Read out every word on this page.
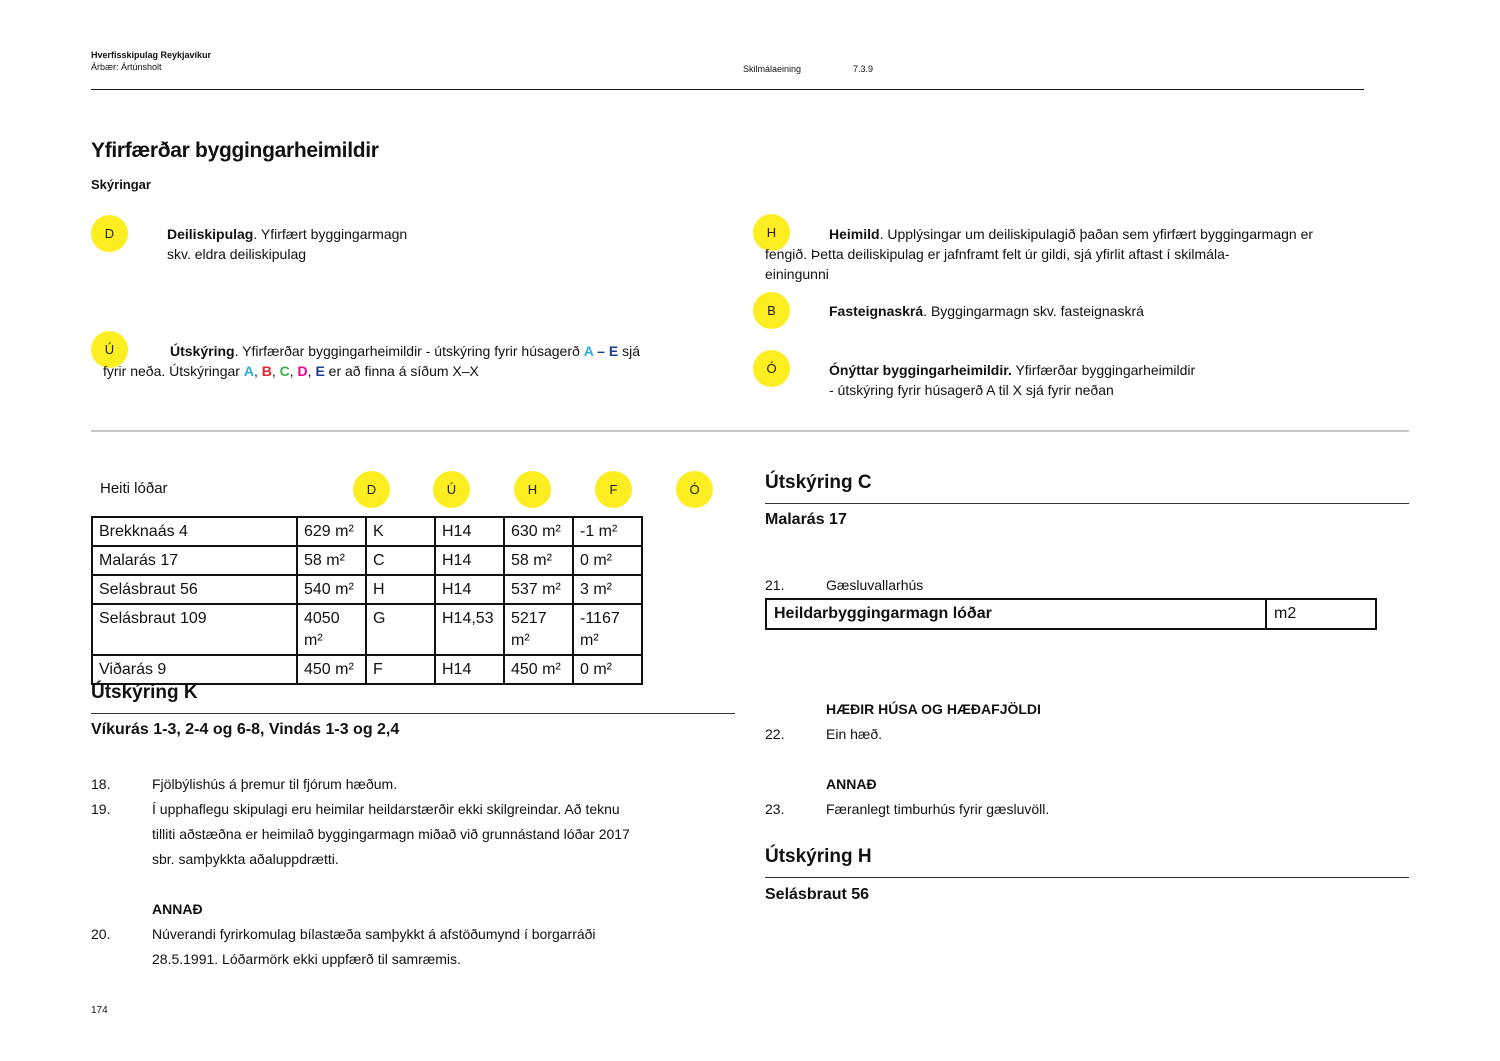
Hverfisskipulag Reykjavíkur
Árbær: Ártúnsholt	Skilmálaeining	7.3.9
Yfirfærðar byggingarheimildir
Skýringar
D	Deiliskipulag. Yfirfært byggingarmagn
skv. eldra deiliskipulag
Ú	Útskýring. Yfirfærðar byggingarheimildir - útskýring fyrir húsagerð A – E sjá
fyrir neða. Útskýringar A, B, C, D, E er að finna á síðum X–X
H	Heimild. Upplýsingar um deiliskipulagið þaðan sem yfirfært byggingarmagn er
fengið. Þetta deiliskipulag er jafnframt felt úr gildi, sjá yfirlit aftast í skilmála-
einingunni
B	Fasteignaskrá. Byggingarmagn skv. fasteignaskrá
Ó	Ónýttar byggingarheimildir. Yfirfærðar byggingarheimildir
- útskýring fyrir húsagerð A til X sjá fyrir neðan
Heiti lóðar	D	Ú	H	F	Ó
Brekknaás 4	629 m²	K	H14	630 m²	-1 m²
Malarás 17	58 m²	C	H14	58 m²	0 m²
Selásbraut 56	540 m²	H	H14	537 m²	3 m²
Selásbraut 109	4050 m²	G	H14,53	5217 m²	-1167 m²
Viðarás 9	450 m²	F	H14	450 m²	0 m²
Útskýring K
Víkurás 1-3, 2-4 og 6-8, Vindás 1-3 og 2,4
18.	Fjölbýlishús á þremur til fjórum hæðum.
19.	Í upphaflegu skipulagi eru heimilar heildarstærðir ekki skilgreindar. Að teknu
tilliti aðstæðna er heimilað byggingarmagn miðað við grunnástand lóðar 2017
sbr. samþykkta aðaluppdrætti.
ANNAÐ
20.	Núverandi fyrirkomulag bílastæða samþykkt á afstöðumynd í borgarráði
28.5.1991. Lóðarmörk ekki uppfærð til samræmis.
Útskýring C
Malarás 17
21.	Gæsluvallarhús
Heildarbyggingarmagn lóðar	m2
HÆÐIR HÚSA OG HÆÐAFJÖLDI
22.	Ein hæð.
ANNAÐ
23.	Færanlegt timburhús fyrir gæsluvöll.
Útskýring H
Selásbraut 56
174
